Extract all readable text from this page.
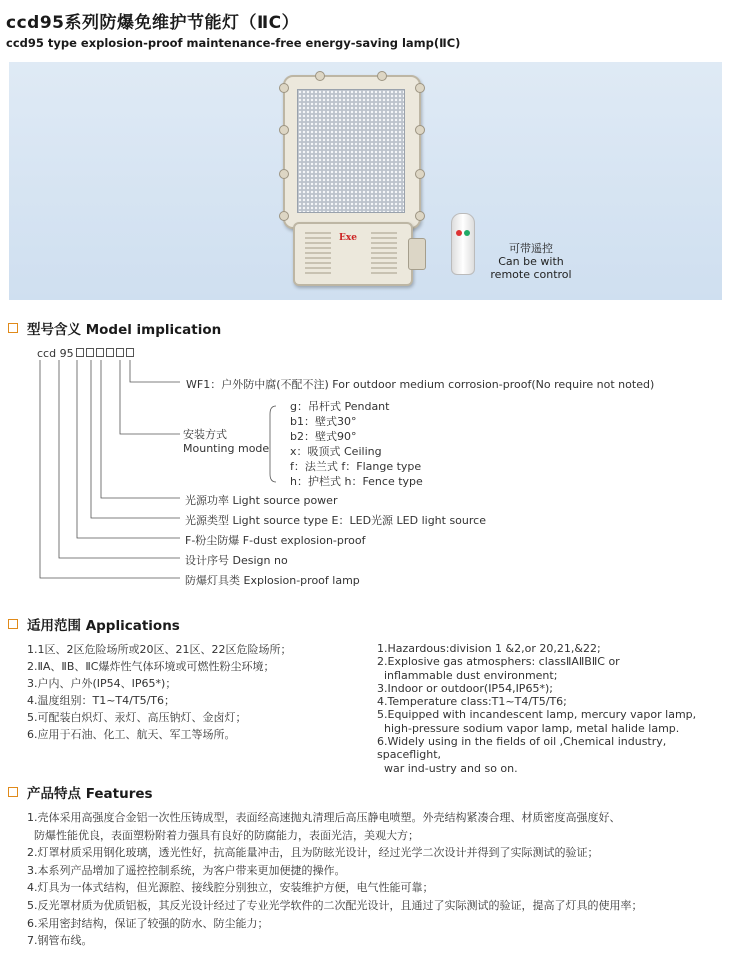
ccd95系列防爆免维护节能灯（ⅡC）
ccd95 type explosion-proof maintenance-free energy-saving lamp(ⅡC)
Exe
可带遥控
Can be with
remote control
型号含义 Model implication
ccd 95
WF1：户外防中腐(不配不注) For outdoor medium corrosion-proof(No require not noted)
安装方式
Mounting mode
g：吊杆式 Pendant
b1：壁式30°
b2：壁式90°
x：吸顶式 Ceiling
f：法兰式 f：Flange type
h：护栏式 h：Fence type
光源功率 Light source power
光源类型 Light source type E：LED光源 LED light source
F-粉尘防爆 F-dust explosion-proof
设计序号 Design no
防爆灯具类 Explosion-proof lamp
适用范围 Applications
1.1区、2区危险场所或20区、21区、22区危险场所；
2.ⅡA、ⅡB、ⅡC爆炸性气体环境或可燃性粉尘环境；
3.户内、户外(IP54、IP65*)；
4.温度组别：T1~T4/T5/T6；
5.可配装白炽灯、汞灯、高压钠灯、金卤灯；
6.应用于石油、化工、航天、军工等场所。
1.Hazardous:division 1 &2,or 20,21,&22;
2.Explosive gas atmosphers: classⅡAⅡBⅡC or
inflammable dust environment;
3.Indoor or outdoor(IP54,IP65*);
4.Temperature class:T1~T4/T5/T6;
5.Equipped with incandescent lamp, mercury vapor lamp,
high-pressure sodium vapor lamp, metal halide lamp.
6.Widely using in the fields of oil ,Chemical industry, spaceflight,
war ind-ustry and so on.
产品特点 Features
1.壳体采用高强度合金铝一次性压铸成型，表面经高速抛丸清理后高压静电喷塑。外壳结构紧凑合理、材质密度高强度好、
防爆性能优良，表面塑粉附着力强具有良好的防腐能力，表面光洁，美观大方；
2.灯罩材质采用钢化玻璃，透光性好，抗高能量冲击，且为防眩光设计，经过光学二次设计并得到了实际测试的验证；
3.本系列产品增加了遥控控制系统，为客户带来更加便捷的操作。
4.灯具为一体式结构，但光源腔、接线腔分别独立，安装维护方便，电气性能可靠；
5.反光罩材质为优质铝板，其反光设计经过了专业光学软件的二次配光设计，且通过了实际测试的验证，提高了灯具的使用率；
6.采用密封结构，保证了较强的防水、防尘能力；
7.钢管布线。
